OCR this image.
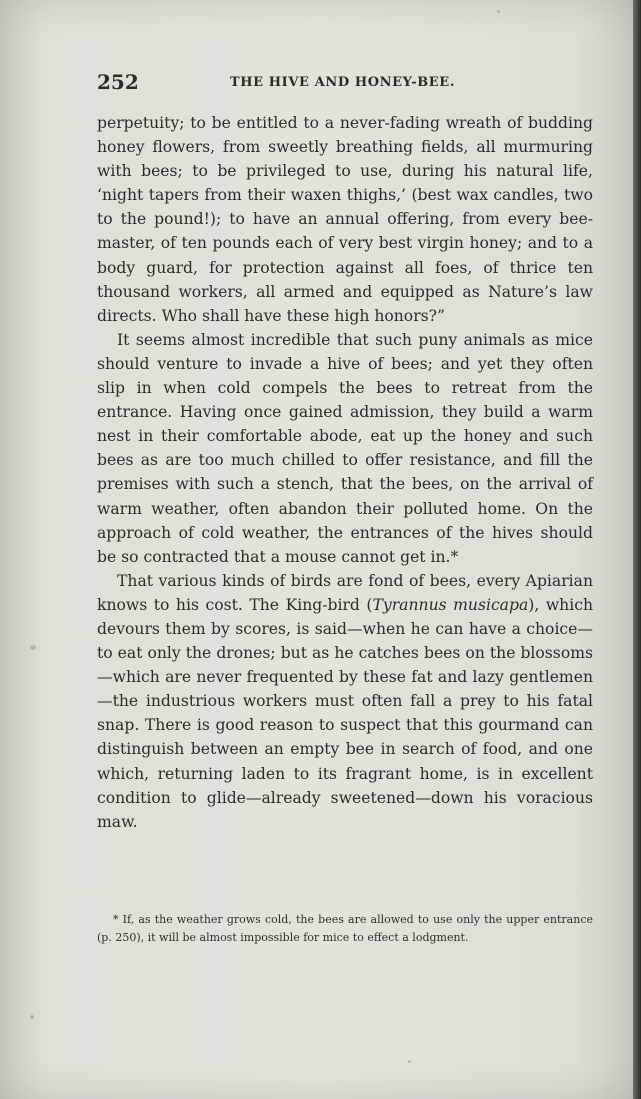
252	THE HIVE AND HONEY-BEE.

perpetuity; to be entitled to a never-fading wreath of budding honey flowers, from sweetly breathing fields, all murmuring with bees; to be privileged to use, during his natural life, ‘night tapers from their waxen thighs,’ (best wax candles, two to the pound!); to have an annual offering, from every bee-master, of ten pounds each of very best virgin honey; and to a body guard, for protection against all foes, of thrice ten thousand workers, all armed and equipped as Nature’s law directs. Who shall have these high honors?”

It seems almost incredible that such puny animals as mice should venture to invade a hive of bees; and yet they often slip in when cold compels the bees to retreat from the entrance. Having once gained admission, they build a warm nest in their comfortable abode, eat up the honey and such bees as are too much chilled to offer resistance, and fill the premises with such a stench, that the bees, on the arrival of warm weather, often abandon their polluted home. On the approach of cold weather, the entrances of the hives should be so contracted that a mouse cannot get in.*

That various kinds of birds are fond of bees, every Apiarian knows to his cost. The King-bird (Tyrannus musicapa), which devours them by scores, is said—when he can have a choice—to eat only the drones; but as he catches bees on the blossoms—which are never frequented by these fat and lazy gentlemen—the industrious workers must often fall a prey to his fatal snap. There is good reason to suspect that this gourmand can distinguish between an empty bee in search of food, and one which, returning laden to its fragrant home, is in excellent condition to glide—already sweetened—down his voracious maw.

* If, as the weather grows cold, the bees are allowed to use only the upper entrance (p. 250), it will be almost impossible for mice to effect a lodgment.
